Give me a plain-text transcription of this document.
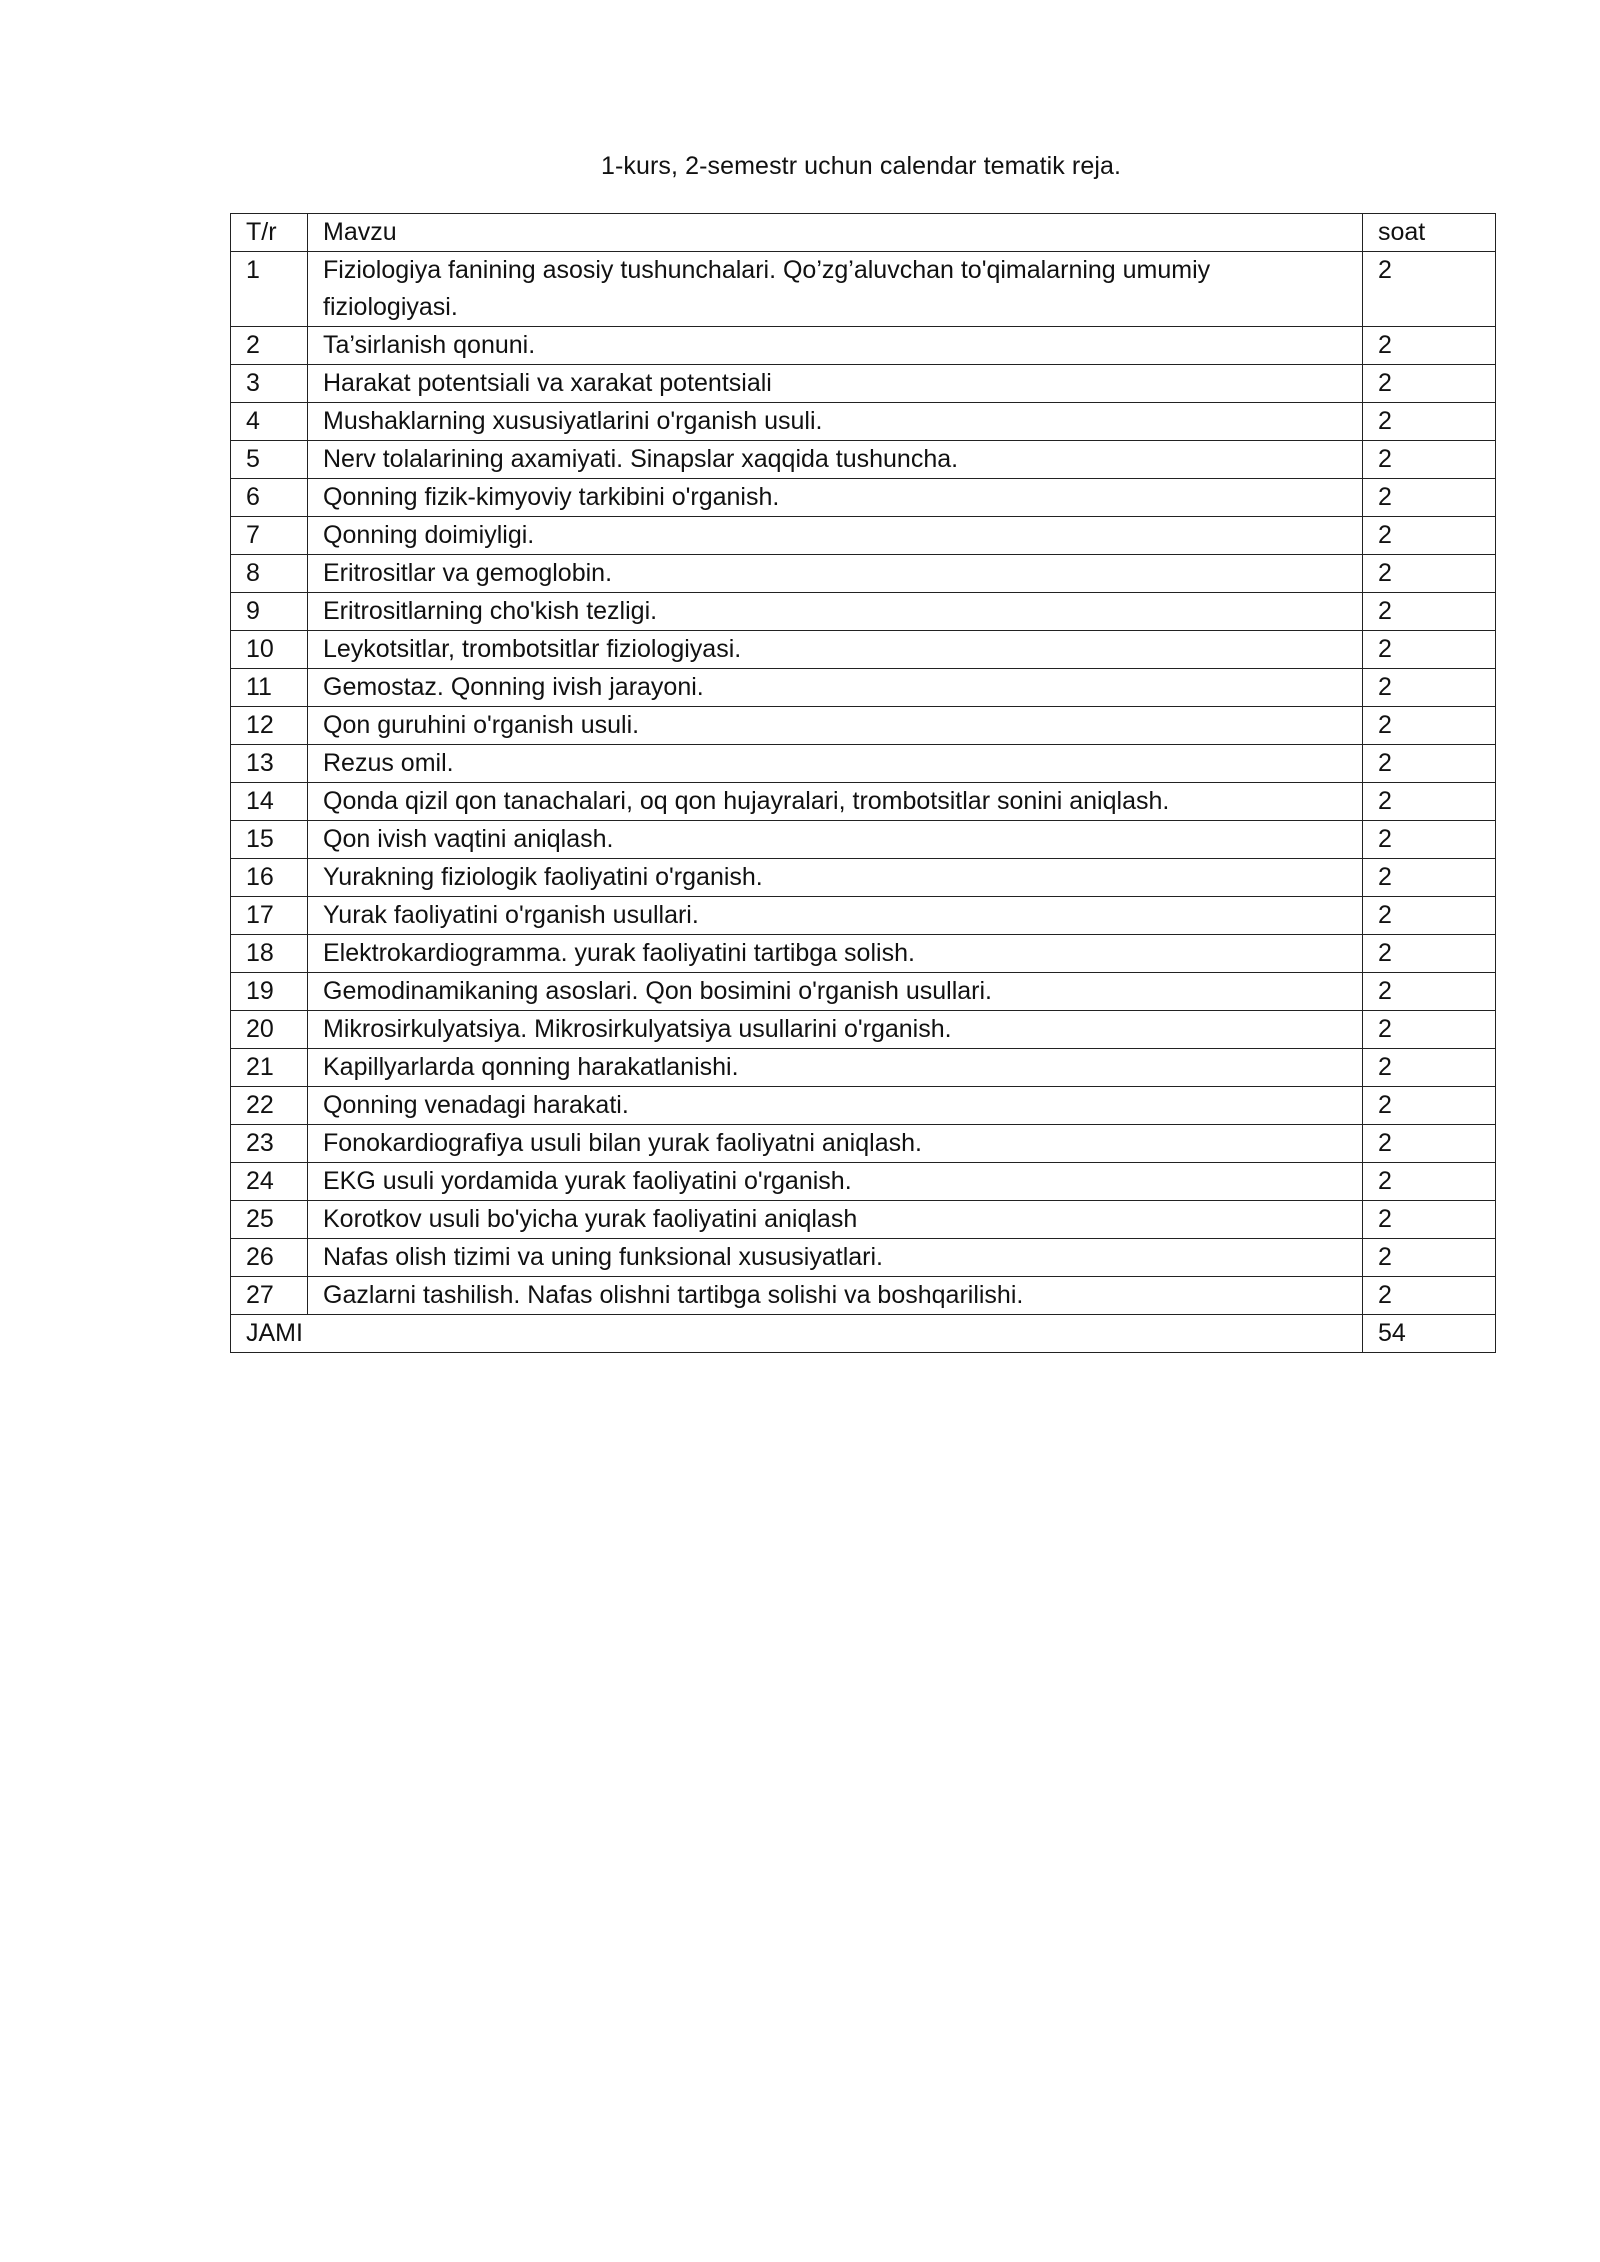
1-kurs, 2-semestr uchun calendar tematik reja.
T/r	Mavzu	soat
1	Fiziologiya fanining asosiy tushunchalari. Qo’zg’aluvchan to'qimalarning umumiy fiziologiyasi.	2
2	Ta’sirlanish qonuni.	2
3	Harakat potentsiali va xarakat potentsiali	2
4	Mushaklarning xususiyatlarini o'rganish usuli.	2
5	Nerv tolalarining axamiyati. Sinapslar xaqqida tushuncha.	2
6	Qonning fizik-kimyoviy tarkibini o'rganish.	2
7	Qonning doimiyligi.	2
8	Eritrositlar va gemoglobin.	2
9	Eritrositlarning cho'kish tezligi.	2
10	Leykotsitlar, trombotsitlar fiziologiyasi.	2
11	Gemostaz. Qonning ivish jarayoni.	2
12	Qon guruhini o'rganish usuli.	2
13	Rezus omil.	2
14	Qonda qizil qon tanachalari, oq qon hujayralari, trombotsitlar sonini aniqlash.	2
15	Qon ivish vaqtini aniqlash.	2
16	Yurakning fiziologik faoliyatini o'rganish.	2
17	Yurak faoliyatini o'rganish usullari.	2
18	Elektrokardiogramma. yurak faoliyatini tartibga solish.	2
19	Gemodinamikaning asoslari. Qon bosimini o'rganish usullari.	2
20	Mikrosirkulyatsiya. Mikrosirkulyatsiya usullarini o'rganish.	2
21	Kapillyarlarda qonning harakatlanishi.	2
22	Qonning venadagi harakati.	2
23	Fonokardiografiya usuli bilan yurak faoliyatni aniqlash.	2
24	EKG usuli yordamida yurak faoliyatini o'rganish.	2
25	Korotkov usuli bo'yicha yurak faoliyatini aniqlash	2
26	Nafas olish tizimi va uning funksional xususiyatlari.	2
27	Gazlarni tashilish. Nafas olishni tartibga solishi va boshqarilishi.	2
JAMI		54
